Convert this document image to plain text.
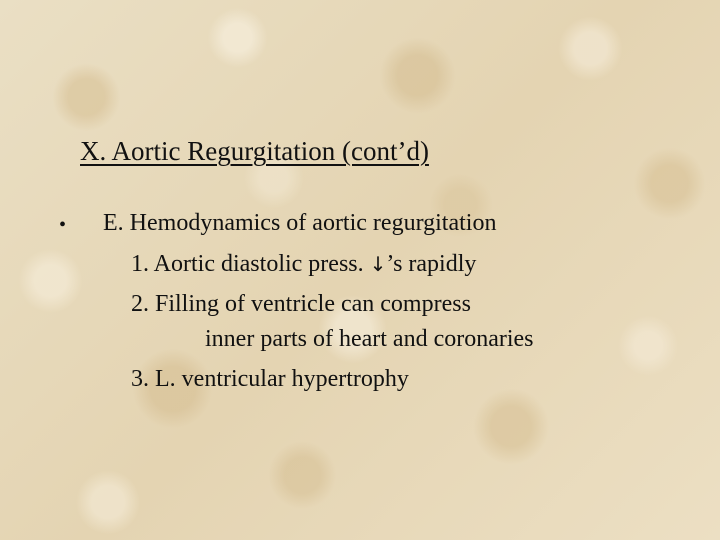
X. Aortic Regurgitation (cont’d)
• E. Hemodynamics of aortic regurgitation
1. Aortic diastolic press. ↓’s rapidly
2. Filling of ventricle can compress
inner parts of heart and coronaries
3. L. ventricular hypertrophy
